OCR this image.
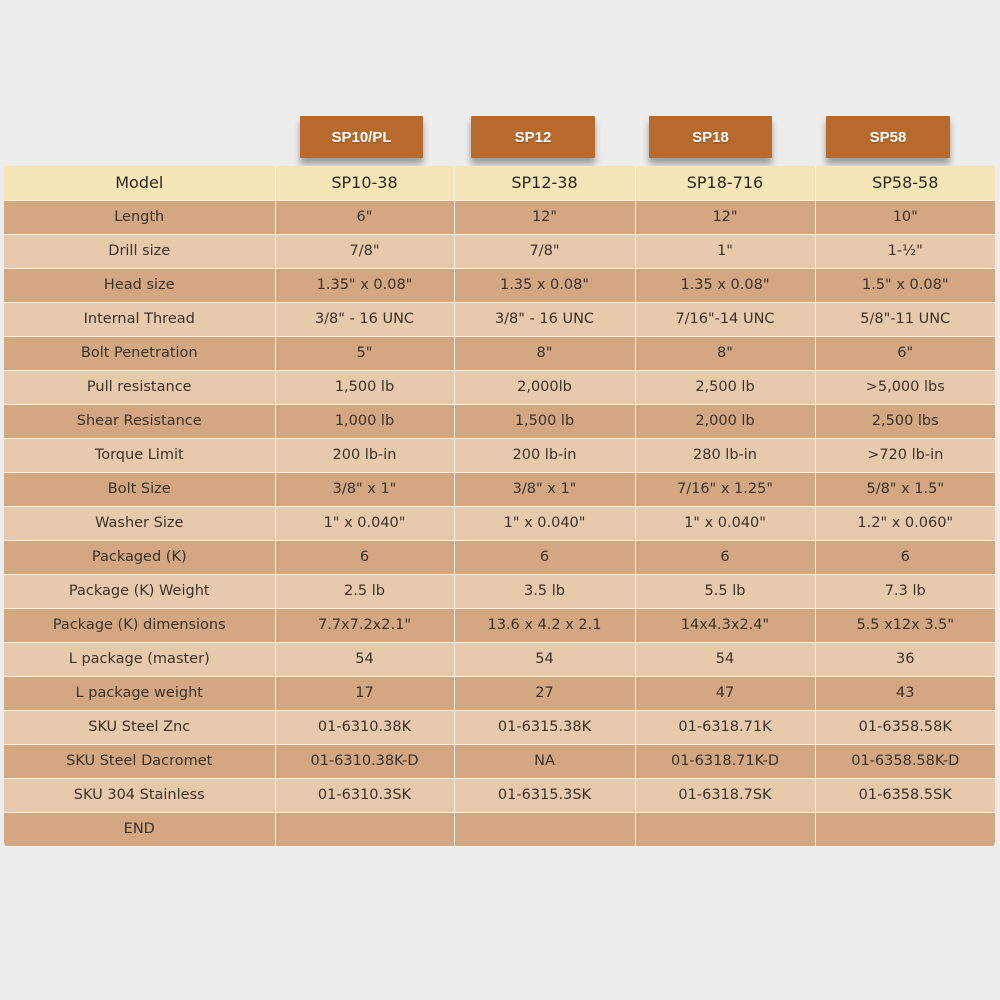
SP10/PL	SP12	SP18	SP58
Model	SP10-38	SP12-38	SP18-716	SP58-58
Length	6"	12"	12"	10"
Drill size	7/8"	7/8"	1"	1-½"
Head size	1.35" x 0.08"	1.35 x 0.08"	1.35 x 0.08"	1.5" x 0.08"
Internal Thread	3/8" - 16 UNC	3/8" - 16 UNC	7/16"-14 UNC	5/8"-11 UNC
Bolt Penetration	5"	8"	8"	6"
Pull resistance	1,500 lb	2,000lb	2,500 lb	>5,000 lbs
Shear Resistance	1,000 lb	1,500 lb	2,000 lb	2,500 lbs
Torque Limit	200 lb-in	200 lb-in	280 lb-in	>720 lb-in
Bolt Size	3/8" x 1"	3/8" x 1"	7/16" x 1.25"	5/8" x 1.5"
Washer Size	1" x 0.040"	1" x 0.040"	1" x 0.040"	1.2" x 0.060"
Packaged (K)	6	6	6	6
Package (K) Weight	2.5 lb	3.5 lb	5.5 lb	7.3 lb
Package (K) dimensions	7.7x7.2x2.1"	13.6 x 4.2 x 2.1	14x4.3x2.4"	5.5 x12x 3.5"
L package (master)	54	54	54	36
L package weight	17	27	47	43
SKU Steel Znc	01-6310.38K	01-6315.38K	01-6318.71K	01-6358.58K
SKU Steel Dacromet	01-6310.38K-D	NA	01-6318.71K-D	01-6358.58K-D
SKU 304 Stainless	01-6310.3SK	01-6315.3SK	01-6318.7SK	01-6358.5SK
END				
